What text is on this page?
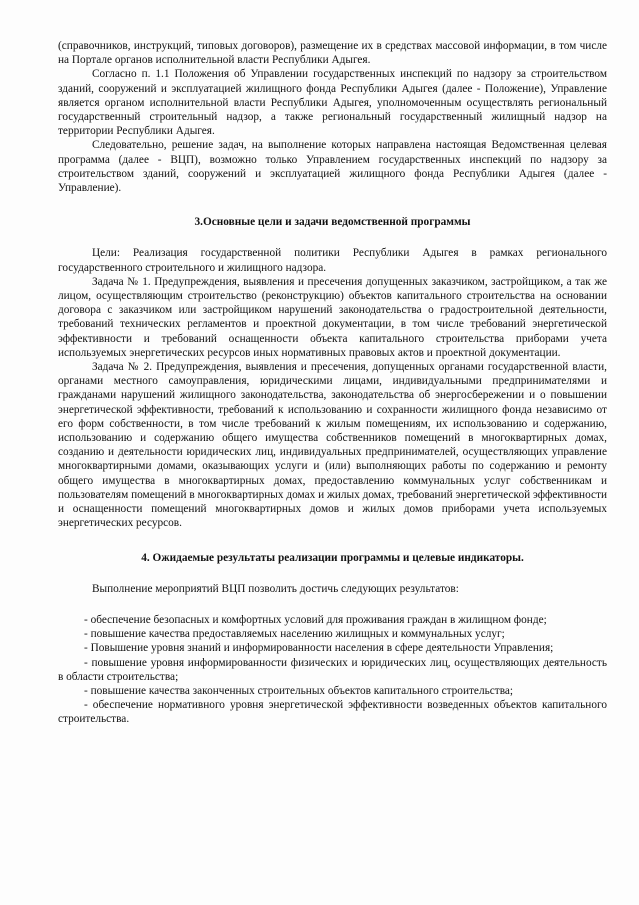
(справочников, инструкций, типовых договоров), размещение их в средствах массовой информации, в том числе на Портале органов исполнительной власти Республики Адыгея.

Согласно п. 1.1 Положения об Управлении государственных инспекций по надзору за строительством зданий, сооружений и эксплуатацией жилищного фонда Республики Адыгея (далее - Положение), Управление является органом исполнительной власти Республики Адыгея, уполномоченным осуществлять региональный государственный строительный надзор, а также региональный государственный жилищный надзор на территории Республики Адыгея.

Следовательно, решение задач, на выполнение которых направлена настоящая Ведомственная целевая программа (далее - ВЦП), возможно только Управлением государственных инспекций по надзору за строительством зданий, сооружений и эксплуатацией жилищного фонда Республики Адыгея (далее - Управление).

3.Основные цели и задачи ведомственной программы

Цели: Реализация государственной политики Республики Адыгея в рамках регионального государственного строительного и жилищного надзора.

Задача № 1. Предупреждения, выявления и пресечения допущенных заказчиком, застройщиком, а так же лицом, осуществляющим строительство (реконструкцию) объектов капитального строительства на основании договора с заказчиком или застройщиком нарушений законодательства о градостроительной деятельности, требований технических регламентов и проектной документации, в том числе требований энергетической эффективности и требований оснащенности объекта капитального строительства приборами учета используемых энергетических ресурсов иных нормативных правовых актов и проектной документации.

Задача № 2. Предупреждения, выявления и пресечения, допущенных органами государственной власти, органами местного самоуправления, юридическими лицами, индивидуальными предпринимателями и гражданами нарушений жилищного законодательства, законодательства об энергосбережении и о повышении энергетической эффективности, требований к использованию и сохранности жилищного фонда независимо от его форм собственности, в том числе требований к жилым помещениям, их использованию и содержанию, использованию и содержанию общего имущества собственников помещений в многоквартирных домах, созданию и деятельности юридических лиц, индивидуальных предпринимателей, осуществляющих управление многоквартирными домами, оказывающих услуги и (или) выполняющих работы по содержанию и ремонту общего имущества в многоквартирных домах, предоставлению коммунальных услуг собственникам и пользователям помещений в многоквартирных домах и жилых домах, требований энергетической эффективности и оснащенности помещений многоквартирных домов и жилых домов приборами учета используемых энергетических ресурсов.

4. Ожидаемые результаты реализации программы и целевые индикаторы.

Выполнение мероприятий ВЦП позволить достичь следующих результатов:

- обеспечение безопасных и комфортных условий для проживания граждан в жилищном фонде;

- повышение качества предоставляемых населению жилищных и коммунальных услуг;

- Повышение уровня знаний и информированности населения в сфере деятельности Управления;

- повышение уровня информированности физических и юридических лиц, осуществляющих деятельность в области строительства;

- повышение качества законченных строительных объектов капитального строительства;

- обеспечение нормативного уровня энергетической эффективности возведенных объектов капитального строительства.
